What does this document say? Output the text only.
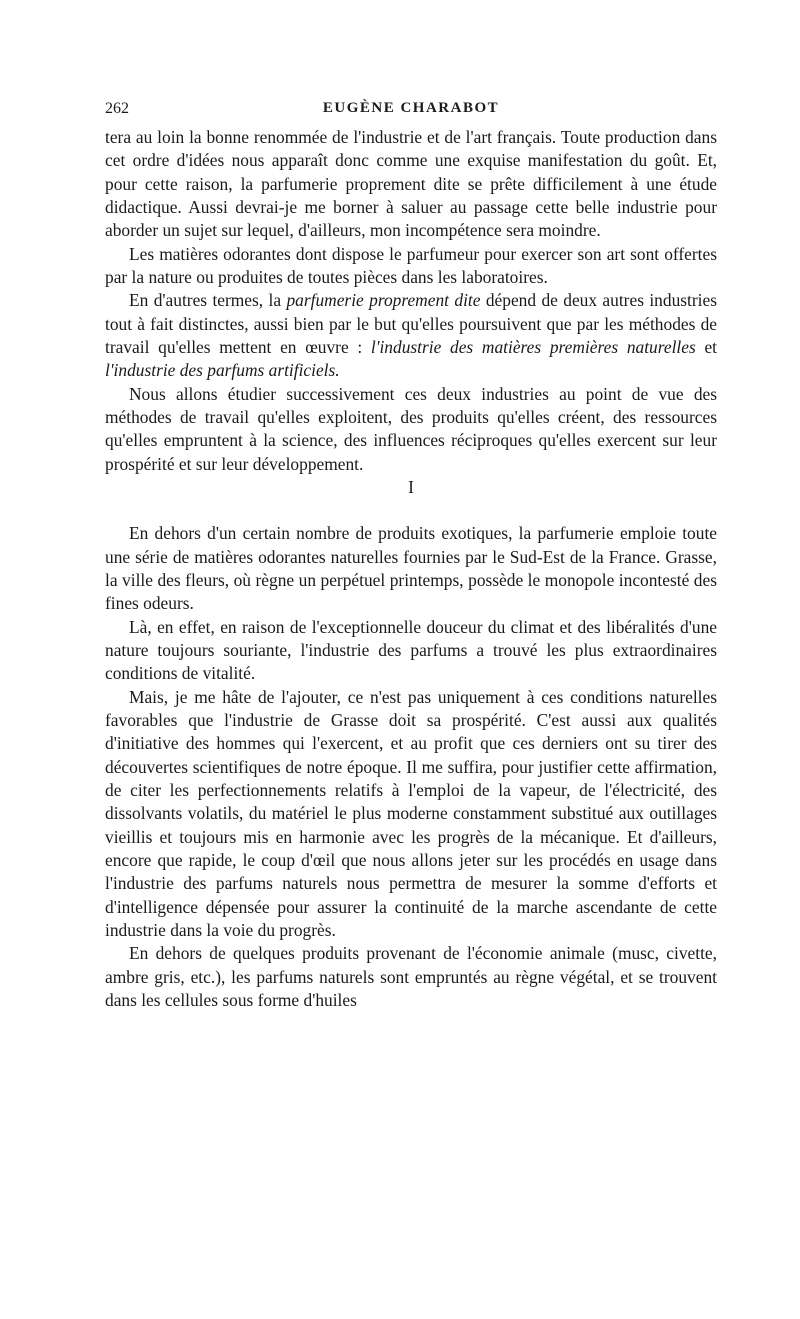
262	EUGÈNE CHARABOT

tera au loin la bonne renommée de l'industrie et de l'art français. Toute production dans cet ordre d'idées nous apparaît donc comme une exquise manifestation du goût. Et, pour cette raison, la parfumerie proprement dite se prête difficilement à une étude didactique. Aussi devrai-je me borner à saluer au passage cette belle industrie pour aborder un sujet sur lequel, d'ailleurs, mon incompétence sera moindre.

Les matières odorantes dont dispose le parfumeur pour exercer son art sont offertes par la nature ou produites de toutes pièces dans les laboratoires.

En d'autres termes, la parfumerie proprement dite dépend de deux autres industries tout à fait distinctes, aussi bien par le but qu'elles poursuivent que par les méthodes de travail qu'elles mettent en œuvre : l'industrie des matières premières naturelles et l'industrie des parfums artificiels.

Nous allons étudier successivement ces deux industries au point de vue des méthodes de travail qu'elles exploitent, des produits qu'elles créent, des ressources qu'elles empruntent à la science, des influences réciproques qu'elles exercent sur leur prospérité et sur leur développement.

I

En dehors d'un certain nombre de produits exotiques, la parfumerie emploie toute une série de matières odorantes naturelles fournies par le Sud-Est de la France. Grasse, la ville des fleurs, où règne un perpétuel printemps, possède le monopole incontesté des fines odeurs.

Là, en effet, en raison de l'exceptionnelle douceur du climat et des libéralités d'une nature toujours souriante, l'industrie des parfums a trouvé les plus extraordinaires conditions de vitalité.

Mais, je me hâte de l'ajouter, ce n'est pas uniquement à ces conditions naturelles favorables que l'industrie de Grasse doit sa prospérité. C'est aussi aux qualités d'initiative des hommes qui l'exercent, et au profit que ces derniers ont su tirer des découvertes scientifiques de notre époque. Il me suffira, pour justifier cette affirmation, de citer les perfectionnements relatifs à l'emploi de la vapeur, de l'électricité, des dissolvants volatils, du matériel le plus moderne constamment substitué aux outillages vieillis et toujours mis en harmonie avec les progrès de la mécanique. Et d'ailleurs, encore que rapide, le coup d'œil que nous allons jeter sur les procédés en usage dans l'industrie des parfums naturels nous permettra de mesurer la somme d'efforts et d'intelligence dépensée pour assurer la continuité de la marche ascendante de cette industrie dans la voie du progrès.

En dehors de quelques produits provenant de l'économie animale (musc, civette, ambre gris, etc.), les parfums naturels sont empruntés au règne végétal, et se trouvent dans les cellules sous forme d'huiles
